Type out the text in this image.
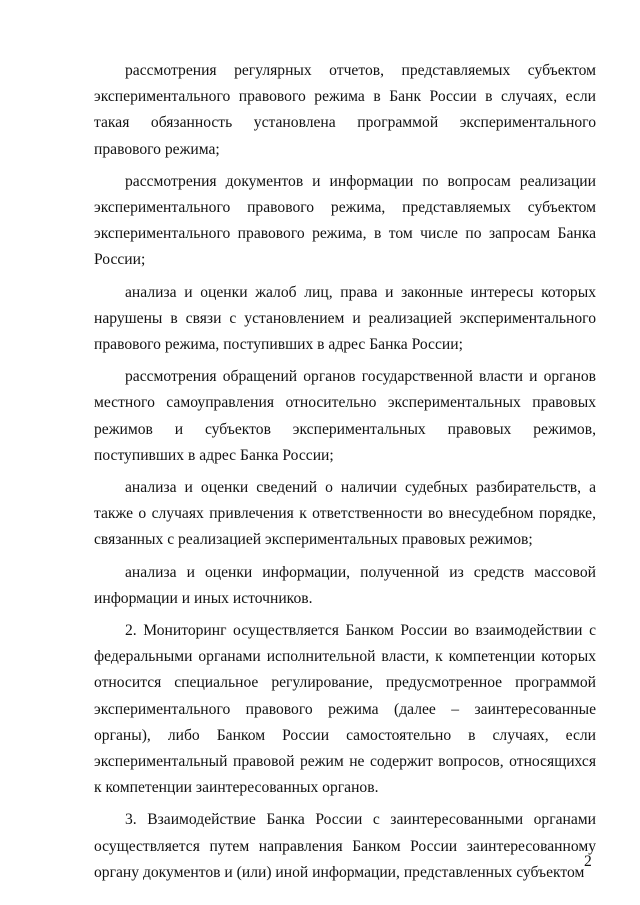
рассмотрения регулярных отчетов, представляемых субъектом экспериментального правового режима в Банк России в случаях, если такая обязанность установлена программой экспериментального правового режима;

рассмотрения документов и информации по вопросам реализации экспериментального правового режима, представляемых субъектом экспериментального правового режима, в том числе по запросам Банка России;

анализа и оценки жалоб лиц, права и законные интересы которых нарушены в связи с установлением и реализацией экспериментального правового режима, поступивших в адрес Банка России;

рассмотрения обращений органов государственной власти и органов местного самоуправления относительно экспериментальных правовых режимов и субъектов экспериментальных правовых режимов, поступивших в адрес Банка России;

анализа и оценки сведений о наличии судебных разбирательств, а также о случаях привлечения к ответственности во внесудебном порядке, связанных с реализацией экспериментальных правовых режимов;

анализа и оценки информации, полученной из средств массовой информации и иных источников.

2. Мониторинг осуществляется Банком России во взаимодействии с федеральными органами исполнительной власти, к компетенции которых относится специальное регулирование, предусмотренное программой экспериментального правового режима (далее – заинтересованные органы), либо Банком России самостоятельно в случаях, если экспериментальный правовой режим не содержит вопросов, относящихся к компетенции заинтересованных органов.

3. Взаимодействие Банка России с заинтересованными органами осуществляется путем направления Банком России заинтересованному органу документов и (или) иной информации, представленных субъектом

2
